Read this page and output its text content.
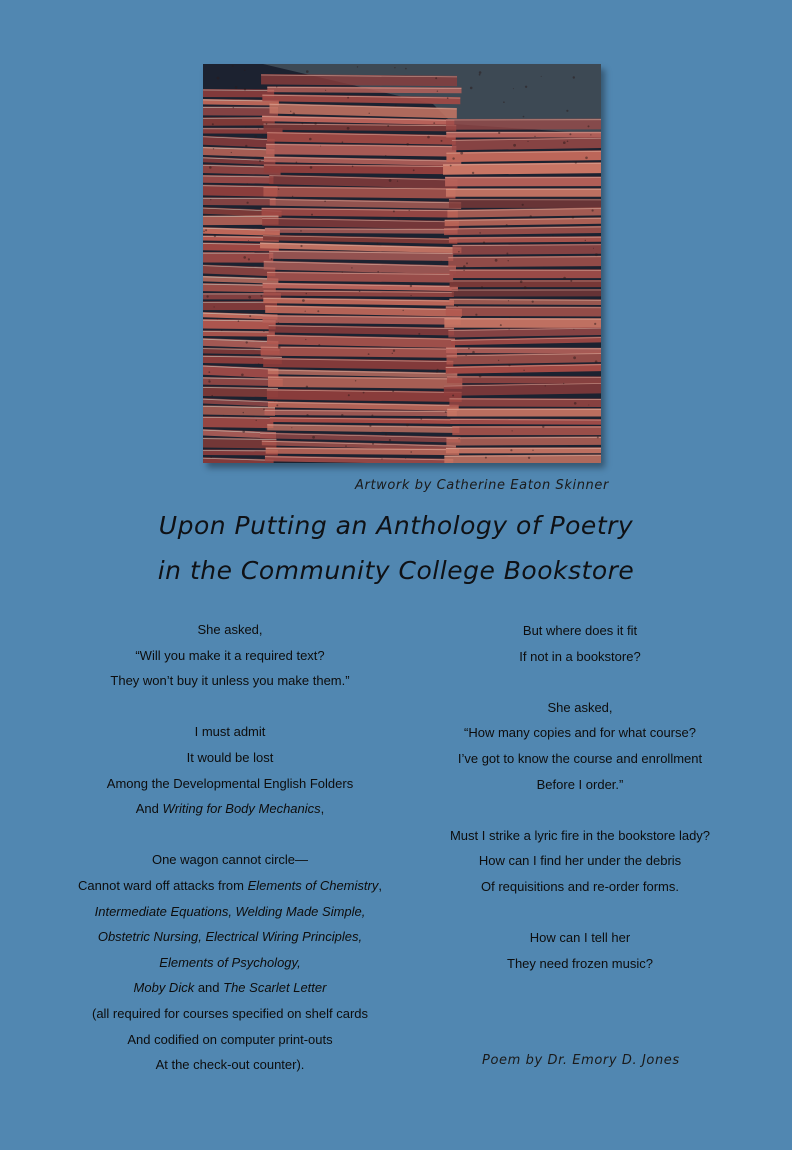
Artwork by Catherine Eaton Skinner
Upon Putting an Anthology of Poetry
in the Community College Bookstore
She asked,
“Will you make it a required text?
They won’t buy it unless you make them.”
I must admit
It would be lost
Among the Developmental English Folders
And Writing for Body Mechanics,
One wagon cannot circle—
Cannot ward off attacks from Elements of Chemistry,
Intermediate Equations, Welding Made Simple,
Obstetric Nursing, Electrical Wiring Principles,
Elements of Psychology,
Moby Dick and The Scarlet Letter
(all required for courses specified on shelf cards
And codified on computer print-outs
At the check-out counter).
But where does it fit
If not in a bookstore?
She asked,
“How many copies and for what course?
I’ve got to know the course and enrollment
Before I order.”
Must I strike a lyric fire in the bookstore lady?
How can I find her under the debris
Of requisitions and re-order forms.
How can I tell her
They need frozen music?
Poem by Dr. Emory D. Jones
